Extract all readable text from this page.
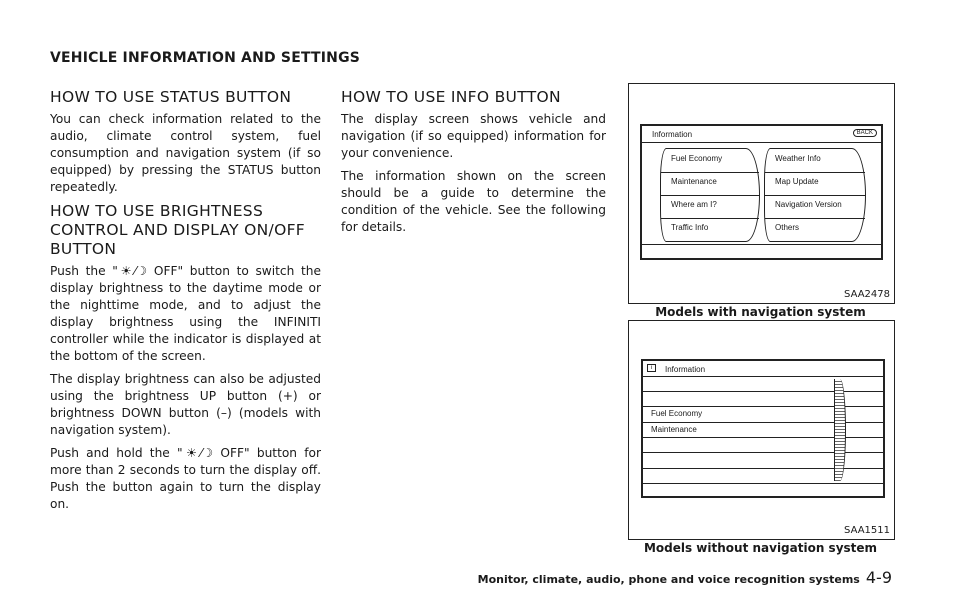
VEHICLE INFORMATION AND SETTINGS
HOW TO USE STATUS BUTTON

You can check information related to the audio, climate control system, fuel consumption and navigation system (if so equipped) by pressing the STATUS button repeatedly.

HOW TO USE BRIGHTNESS CONTROL AND DISPLAY ON/OFF BUTTON

Push the "☀⁄☽ OFF" button to switch the display brightness to the daytime mode or the nighttime mode, and to adjust the display brightness using the INFINITI controller while the indicator is displayed at the bottom of the screen.

The display brightness can also be adjusted using the brightness UP button (+) or brightness DOWN button (–) (models with navigation system).

Push and hold the "☀⁄☽ OFF" button for more than 2 seconds to turn the display off. Push the button again to turn the display on.

HOW TO USE INFO BUTTON

The display screen shows vehicle and navigation (if so equipped) information for your convenience.

The information shown on the screen should be a guide to determine the condition of the vehicle. See the following for details.

Information	BACK
Fuel Economy
Maintenance
Where am I?
Traffic Info
Weather Info
Map Update
Navigation Version
Others
SAA2478
Models with navigation system
i	Information
Fuel Economy
Maintenance
SAA1511
Models without navigation system
Monitor, climate, audio, phone and voice recognition systems 4-9
